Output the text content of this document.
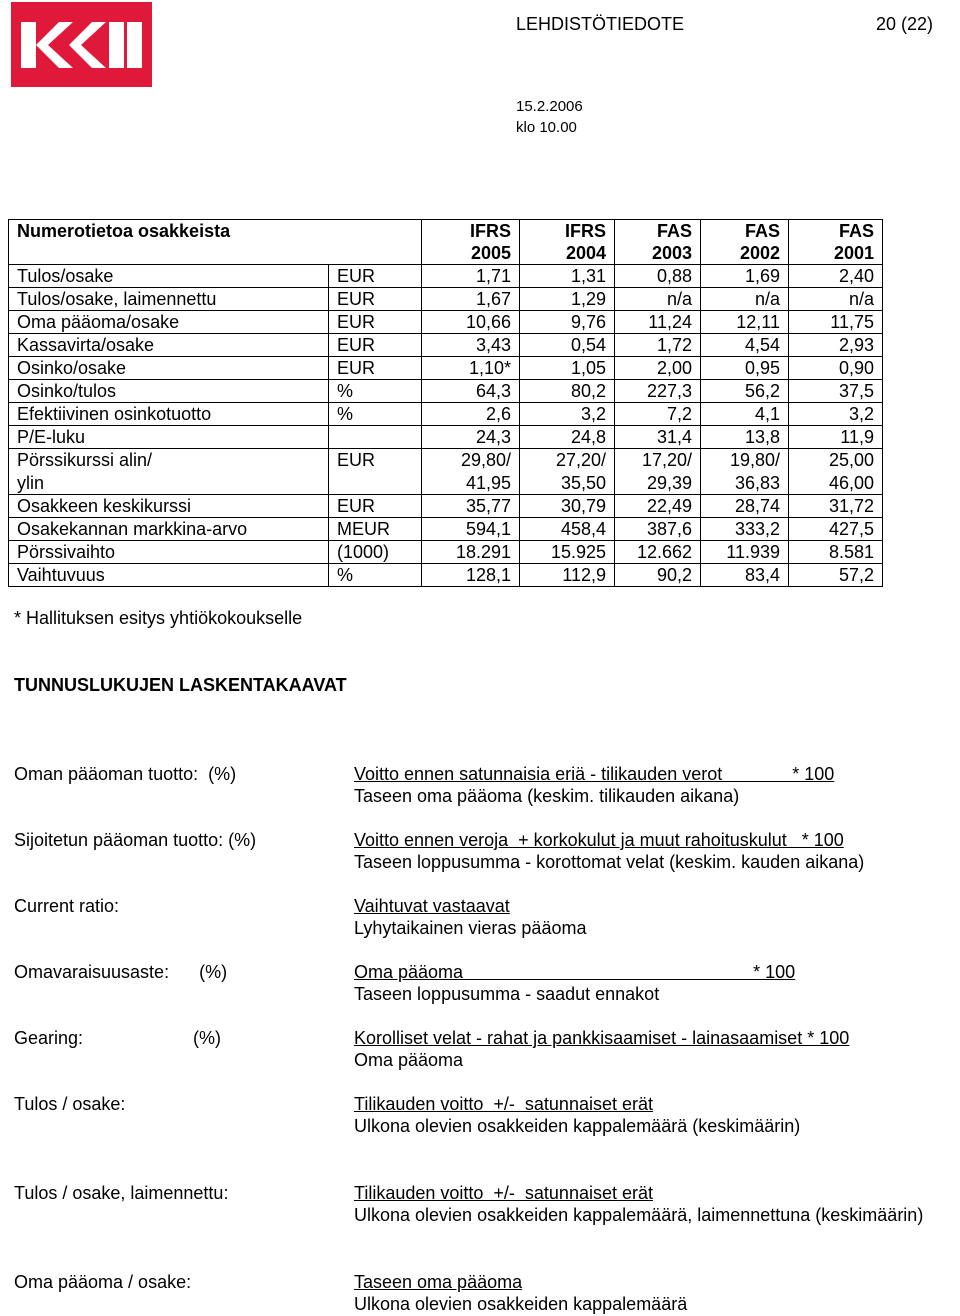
LEHDISTÖTIEDOTE	20 (22)
15.2.2006
klo 10.00
Numerotietoa osakkeista		IFRS	IFRS	FAS	FAS	FAS
		2005	2004	2003	2002	2001
Tulos/osake	EUR	1,71	1,31	0,88	1,69	2,40
Tulos/osake, laimennettu	EUR	1,67	1,29	n/a	n/a	n/a
Oma pääoma/osake	EUR	10,66	9,76	11,24	12,11	11,75
Kassavirta/osake	EUR	3,43	0,54	1,72	4,54	2,93
Osinko/osake	EUR	1,10*	1,05	2,00	0,95	0,90
Osinko/tulos	%	64,3	80,2	227,3	56,2	37,5
Efektiivinen osinkotuotto	%	2,6	3,2	7,2	4,1	3,2
P/E-luku		24,3	24,8	31,4	13,8	11,9
Pörssikurssi alin/	EUR	29,80/	27,20/	17,20/	19,80/	25,00
ylin		41,95	35,50	29,39	36,83	46,00
Osakkeen keskikurssi	EUR	35,77	30,79	22,49	28,74	31,72
Osakekannan markkina-arvo	MEUR	594,1	458,4	387,6	333,2	427,5
Pörssivaihto	(1000)	18.291	15.925	12.662	11.939	8.581
Vaihtuvuus	%	128,1	112,9	90,2	83,4	57,2
* Hallituksen esitys yhtiökokoukselle
TUNNUSLUKUJEN LASKENTAKAAVAT
Oman pääoman tuotto:  (%)	Voitto ennen satunnaisia eriä - tilikauden verot              * 100
Taseen oma pääoma (keskim. tilikauden aikana)
Sijoitetun pääoman tuotto: (%)	Voitto ennen veroja  + korkokulut ja muut rahoituskulut   * 100
Taseen loppusumma - korottomat velat (keskim. kauden aikana)
Current ratio:	Vaihtuvat vastaavat
Lyhytaikainen vieras pääoma
Omavaraisuusaste:      (%)	Oma pääoma                                                          * 100
Taseen loppusumma - saadut ennakot
Gearing:                      (%)	Korolliset velat - rahat ja pankkisaamiset - lainasaamiset * 100
Oma pääoma
Tulos / osake:	Tilikauden voitto  +/-  satunnaiset erät
Ulkona olevien osakkeiden kappalemäärä (keskimäärin)
Tulos / osake, laimennettu:	Tilikauden voitto  +/-  satunnaiset erät
Ulkona olevien osakkeiden kappalemäärä, laimennettuna (keskimäärin)
Oma pääoma / osake:	Taseen oma pääoma
Ulkona olevien osakkeiden kappalemäärä
